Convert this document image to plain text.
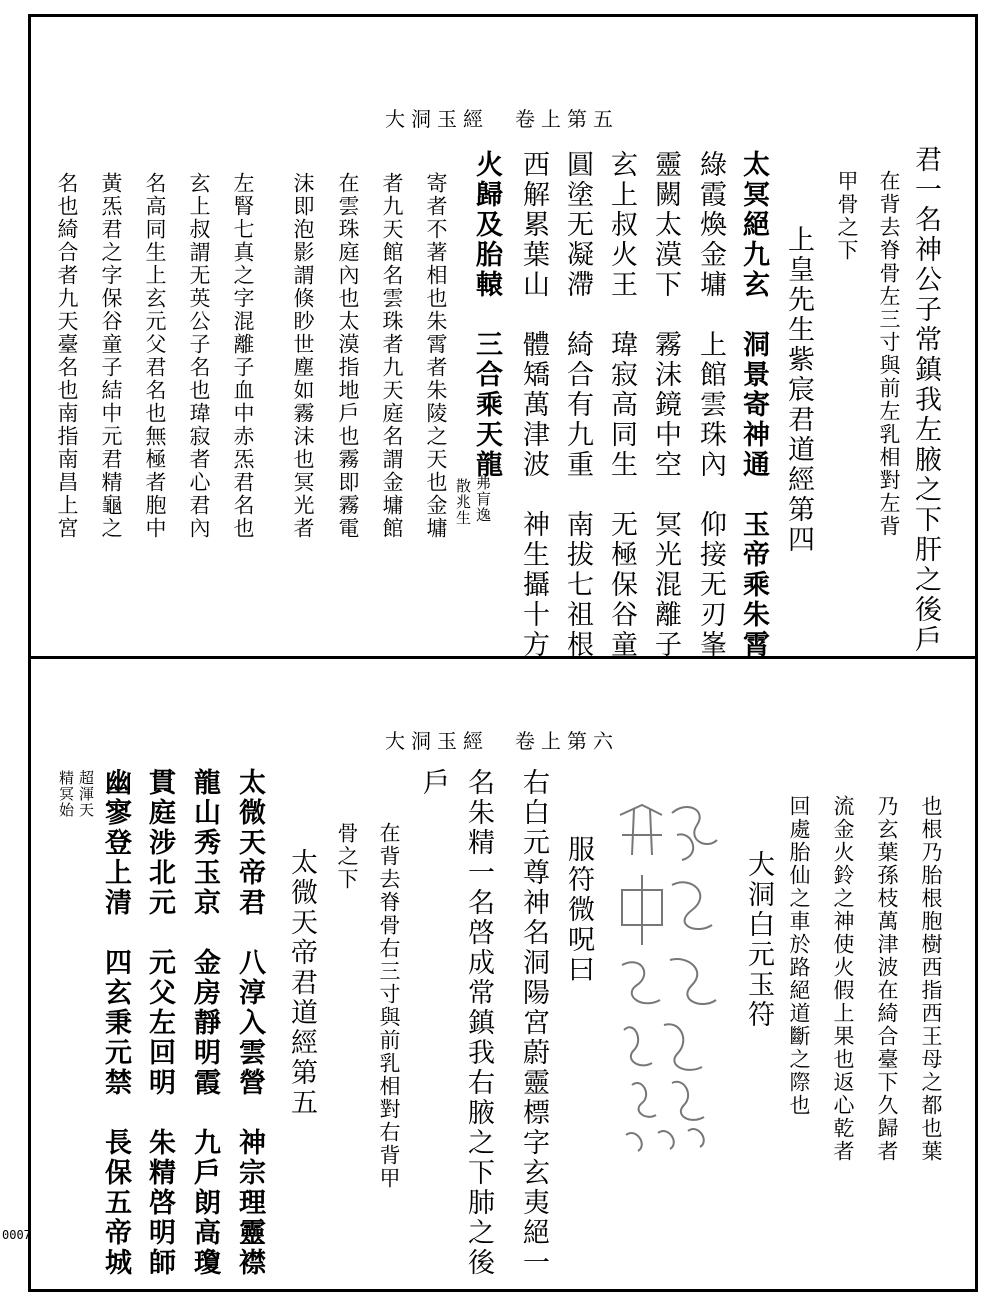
大洞玉經　卷上第五
君一名神公子常鎮我左腋之下肝之後戶
在背去脊骨左三寸與前左乳相對左背
甲骨之下
上皇先生紫宸君道經第四
太冥絕九玄　洞景寄神通　玉帝乘朱霄
綠霞煥金墉　上館雲珠內　仰接无刃峯
靈闕太漠下　霧沫鏡中空　冥光混離子
玄上叔火王　瑋寂高同生　无極保谷童
圓塗无凝滯　綺合有九重　南拔七祖根
西解累葉山　體矯萬津波　神生攝十方
火歸及胎轅　三合乘天龍
弗肓逸
散兆生
寄者不著相也朱霄者朱陵之天也金墉
者九天館名雲珠者九天庭名謂金墉館
在雲珠庭內也太漠指地戶也霧即霧電
沫即泡影謂倏眇世塵如霧沫也冥光者
左腎七真之字混離子血中赤炁君名也
玄上叔謂无英公子名也瑋寂者心君內
名高同生上玄元父君名也無極者胞中
黃炁君之字保谷童子結中元君精龜之
名也綺合者九天臺名也南指南昌上宮
大洞玉經　卷上第六
也根乃胎根胞樹西指西王母之都也葉
乃玄葉孫枝萬津波在綺合臺下久歸者
流金火鈴之神使火假上果也返心乾者
回處胎仙之車於路絕道斷之際也
大洞白元玉符
服符微呪曰
右白元尊神名洞陽宮蔚靈標字玄夷絕一
名朱精一名啓成常鎮我右腋之下肺之後
戶
在背去脊骨右三寸與前乳相對右背甲
骨之下
太微天帝君道經第五
太微天帝君　八淳入雲營　神宗理靈襟
龍山秀玉京　金房靜明霞　九戶朗高瓊
貫庭涉北元　元父左回明　朱精啓明師
幽寥登上清　四玄秉元禁　長保五帝城
超渾天
精冥始
0007
